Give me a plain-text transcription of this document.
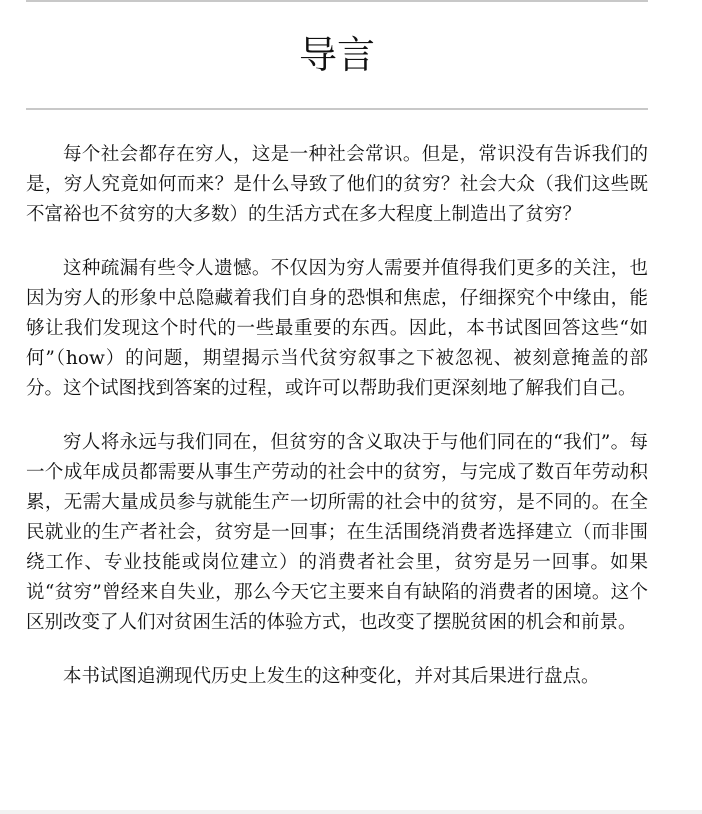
导言

每个社会都存在穷人，这是一种社会常识。但是，常识没有告诉我们的是，穷人究竟如何而来？是什么导致了他们的贫穷？社会大众（我们这些既不富裕也不贫穷的大多数）的生活方式在多大程度上制造出了贫穷？

这种疏漏有些令人遗憾。不仅因为穷人需要并值得我们更多的关注，也因为穷人的形象中总隐藏着我们自身的恐惧和焦虑，仔细探究个中缘由，能够让我们发现这个时代的一些最重要的东西。因此，本书试图回答这些“如何”（how）的问题，期望揭示当代贫穷叙事之下被忽视、被刻意掩盖的部分。这个试图找到答案的过程，或许可以帮助我们更深刻地了解我们自己。

穷人将永远与我们同在，但贫穷的含义取决于与他们同在的“我们”。每一个成年成员都需要从事生产劳动的社会中的贫穷，与完成了数百年劳动积累，无需大量成员参与就能生产一切所需的社会中的贫穷，是不同的。在全民就业的生产者社会，贫穷是一回事；在生活围绕消费者选择建立（而非围绕工作、专业技能或岗位建立）的消费者社会里，贫穷是另一回事。如果说“贫穷”曾经来自失业，那么今天它主要来自有缺陷的消费者的困境。这个区别改变了人们对贫困生活的体验方式，也改变了摆脱贫困的机会和前景。

本书试图追溯现代历史上发生的这种变化，并对其后果进行盘点。
